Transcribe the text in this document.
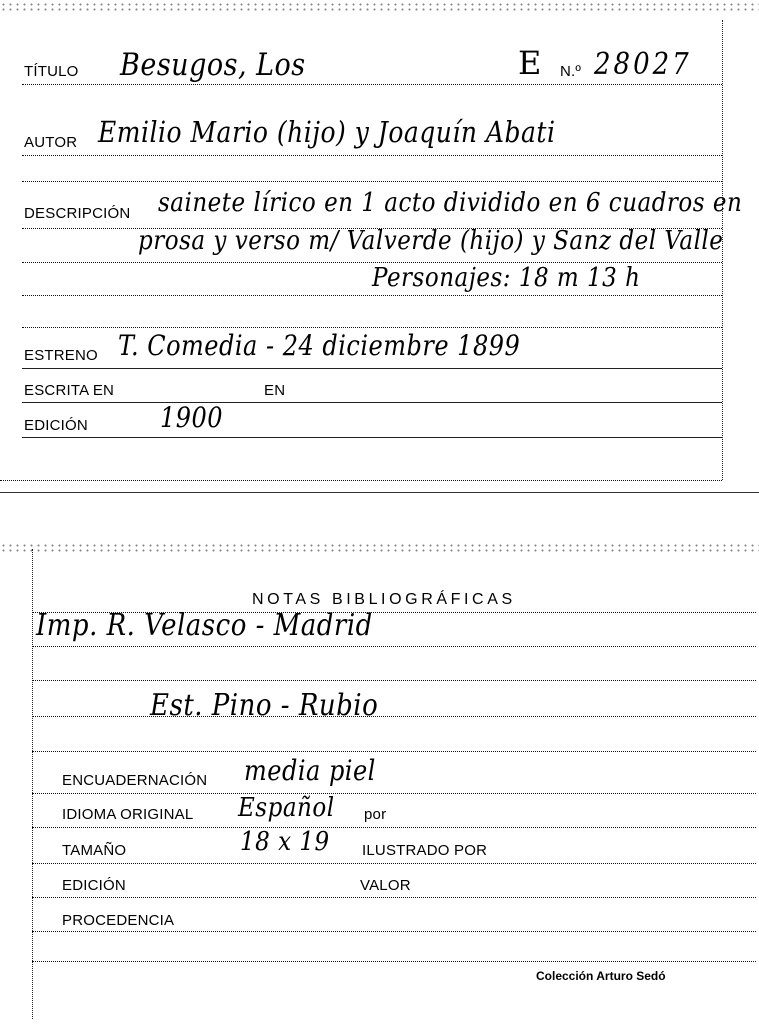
TÍTULO Besugos, Los	E N.º 28027
AUTOR Emilio Mario (hijo) y Joaquín Abati
DESCRIPCIÓN sainete lírico en 1 acto dividido en 6 cuadros en
prosa y verso m/ Valverde (hijo) y Sanz del Valle
Personajes: 18 m 13 h
ESTRENO T. Comedia - 24 diciembre 1899
ESCRITA EN	EN
EDICIÓN	1900
NOTAS BIBLIOGRÁFICAS
Imp. R. Velasco - Madrid
Est. Pino - Rubio
ENCUADERNACIÓN media piel
IDIOMA ORIGINAL Español por
TAMAÑO	18 x 19 ILUSTRADO POR
EDICIÓN	VALOR
PROCEDENCIA
Colección Arturo Sedó
